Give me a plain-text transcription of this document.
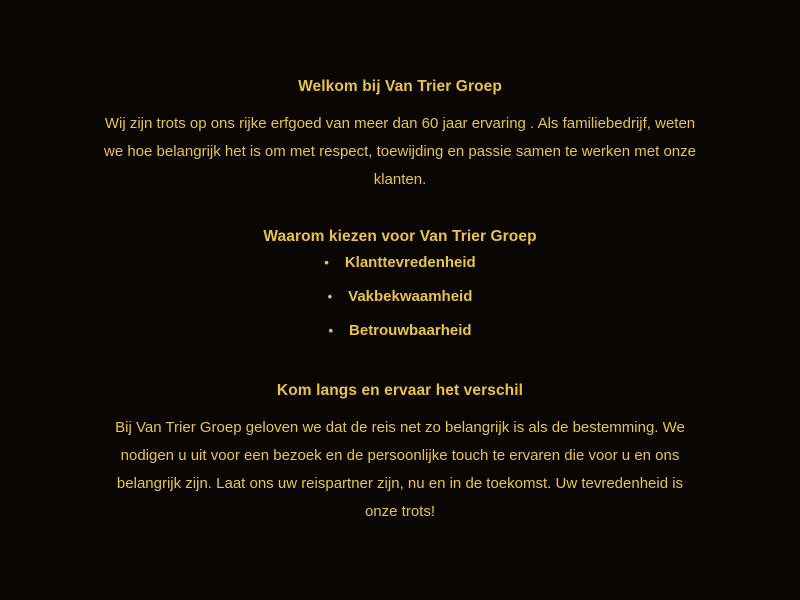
Welkom bij Van Trier Groep

Wij zijn trots op ons rijke erfgoed van meer dan 60 jaar ervaring . Als familiebedrijf, weten we hoe belangrijk het is om met respect, toewijding en passie samen te werken met onze klanten.

Waarom kiezen voor Van Trier Groep
• Klanttevredenheid
• Vakbekwaamheid
• Betrouwbaarheid
Kom langs en ervaar het verschil

Bij Van Trier Groep geloven we dat de reis net zo belangrijk is als de bestemming. We nodigen u uit voor een bezoek en de persoonlijke touch te ervaren die voor u en ons belangrijk zijn. Laat ons uw reispartner zijn, nu en in de toekomst. Uw tevredenheid is onze trots!
